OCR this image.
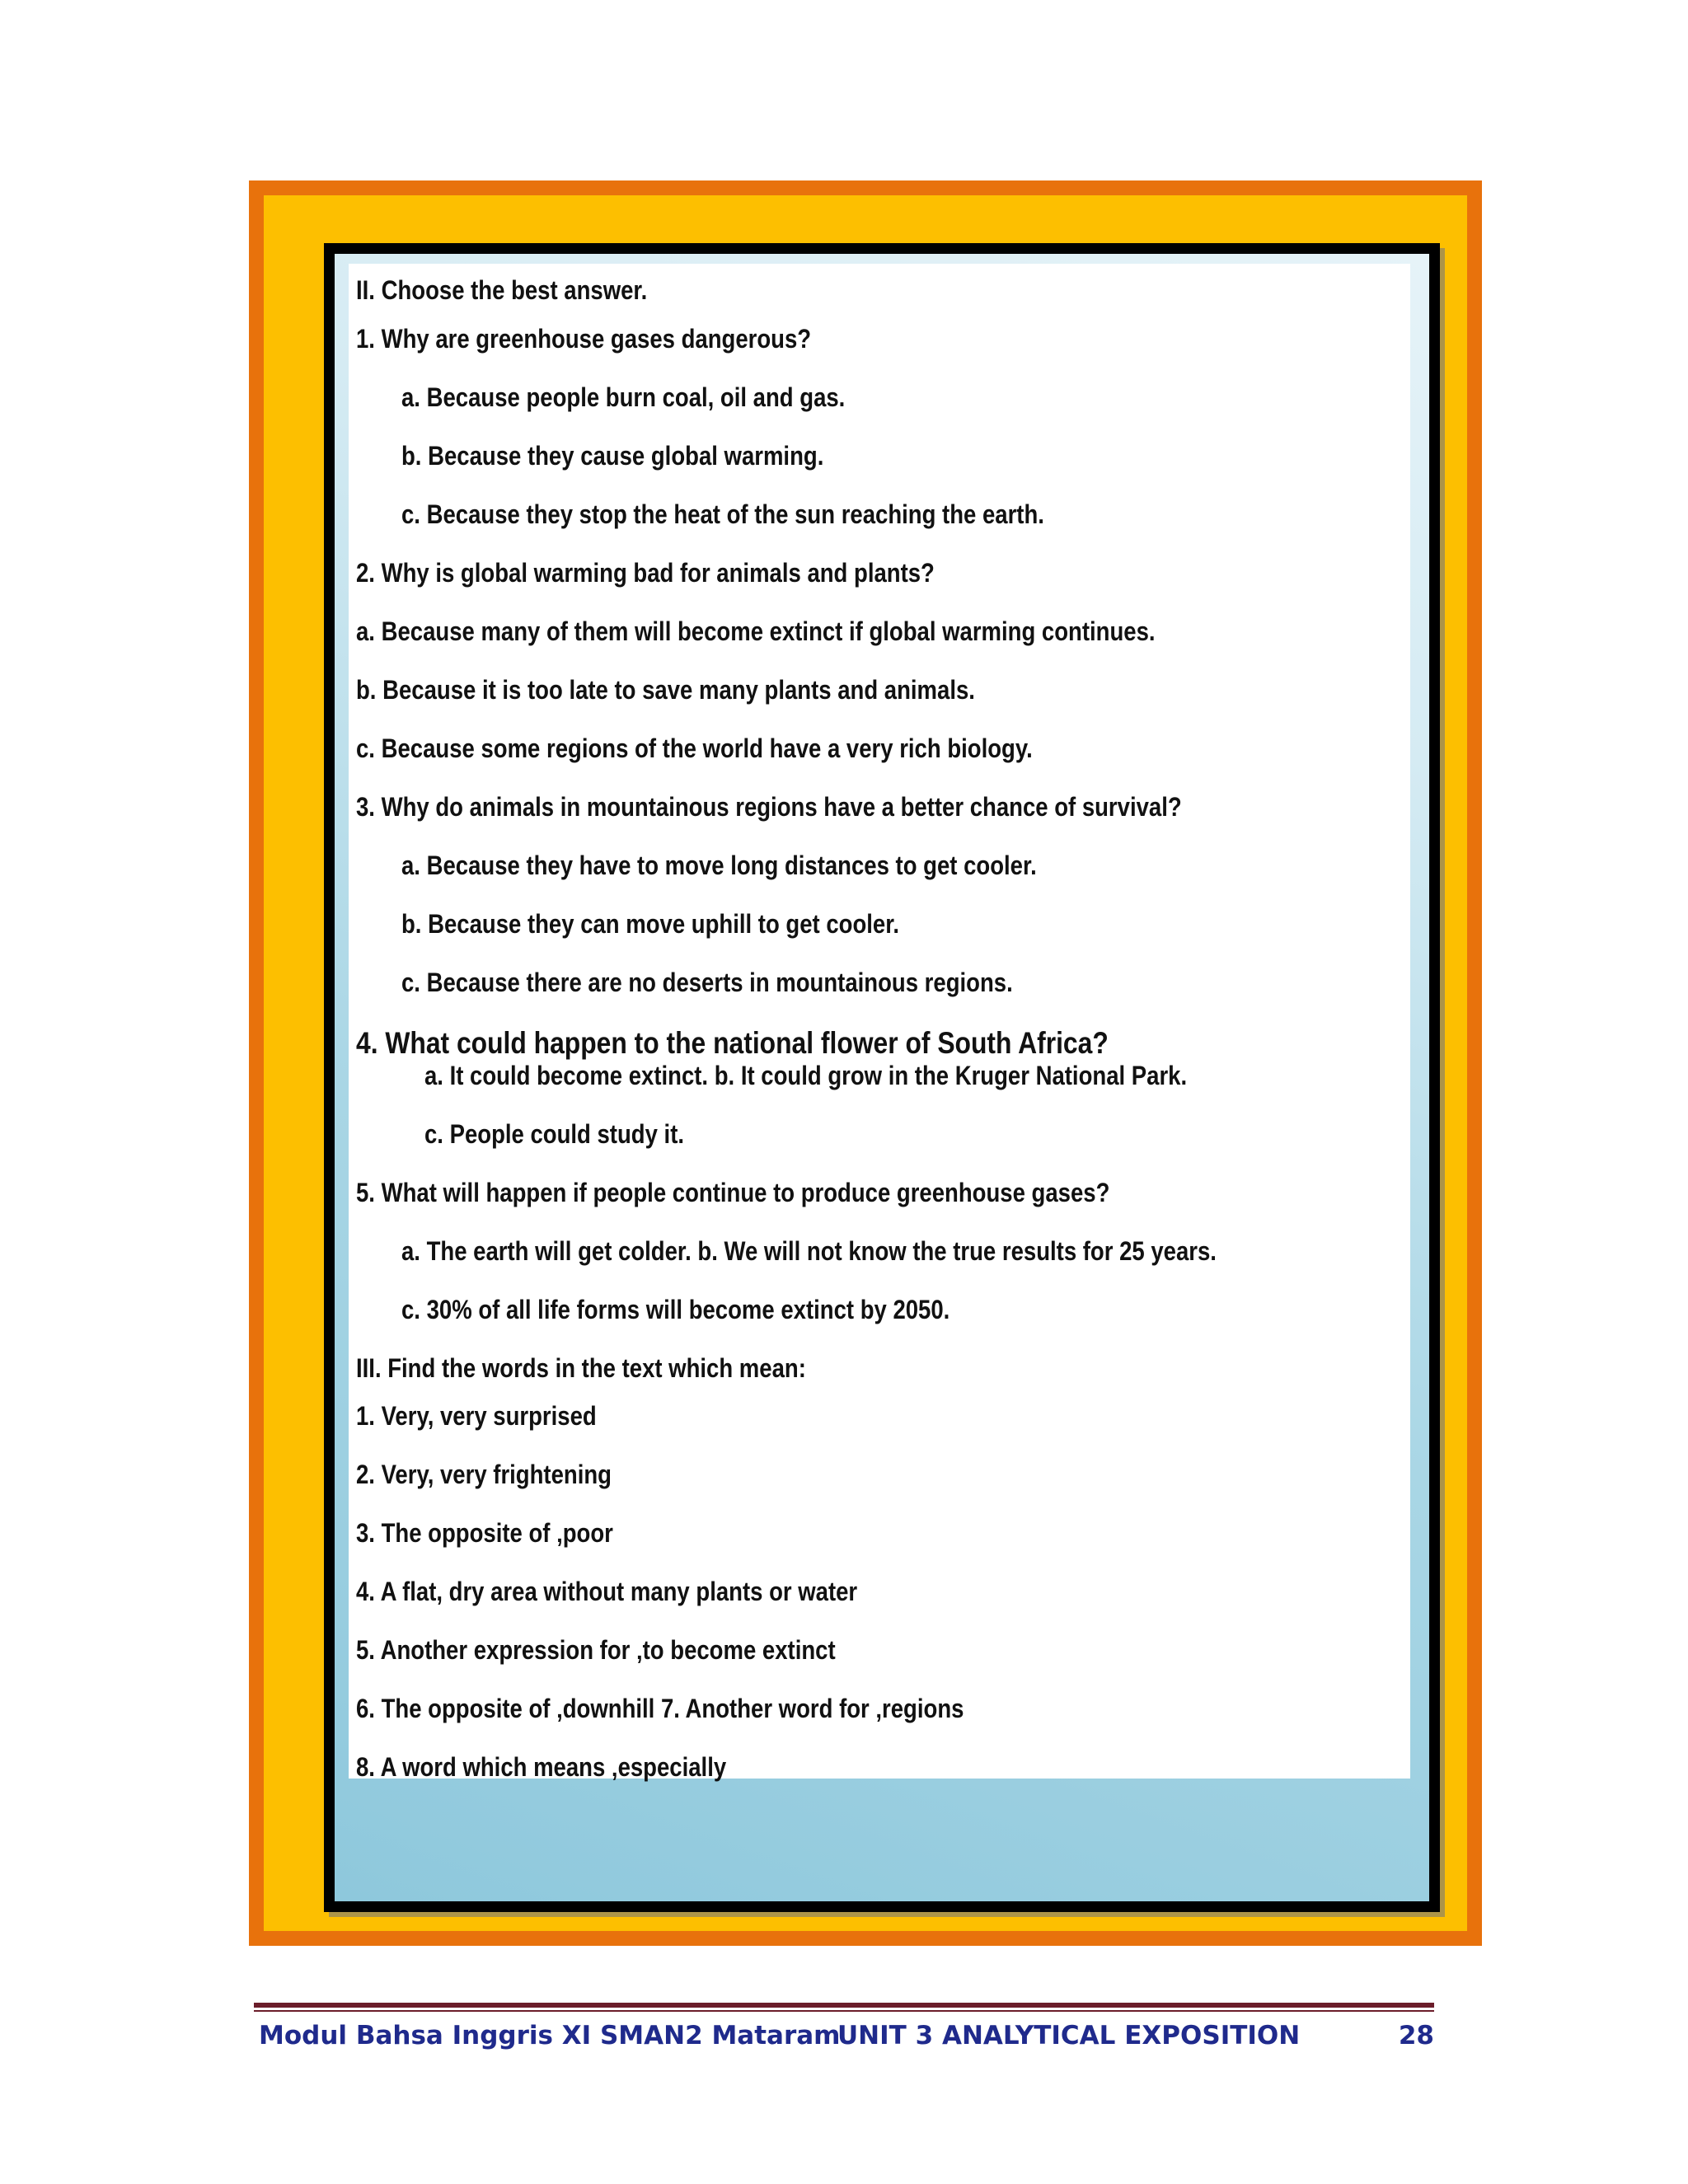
II. Choose the best answer.
1. Why are greenhouse gases dangerous?
a. Because people burn coal, oil and gas.
b. Because they cause global warming.
c. Because they stop the heat of the sun reaching the earth.
2. Why is global warming bad for animals and plants?
a. Because many of them will become extinct if global warming continues.
b. Because it is too late to save many plants and animals.
c. Because some regions of the world have a very rich biology.
3. Why do animals in mountainous regions have a better chance of survival?
a. Because they have to move long distances to get cooler.
b. Because they can move uphill to get cooler.
c. Because there are no deserts in mountainous regions.
4. What could happen to the national flower of South Africa?
a. It could become extinct. b. It could grow in the Kruger National Park.
c. People could study it.
5. What will happen if people continue to produce greenhouse gases?
a. The earth will get colder. b. We will not know the true results for 25 years.
c. 30% of all life forms will become extinct by 2050.
III. Find the words in the text which mean:
1. Very, very surprised
2. Very, very frightening
3. The opposite of ‚poor
4. A flat, dry area without many plants or water
5. Another expression for ‚to become extinct
6. The opposite of ‚downhill 7. Another word for ‚regions
8. A word which means ‚especially
Modul Bahsa Inggris XI SMAN2 Mataram
UNIT 3 ANALYTICAL EXPOSITION	28
